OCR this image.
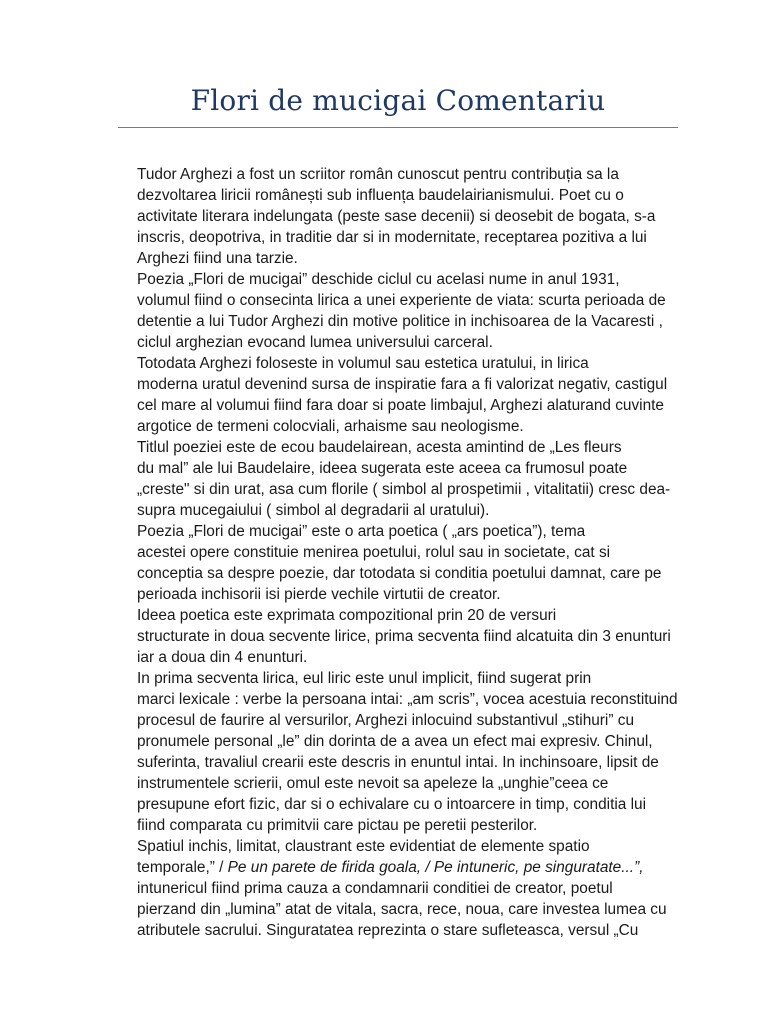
Flori de mucigai Comentariu

Tudor Arghezi a fost un scriitor român cunoscut pentru contribuția sa la
dezvoltarea liricii românești sub influența baudelairianismului. Poet cu o
activitate literara indelungata (peste sase decenii) si deosebit de bogata, s-a
inscris, deopotriva, in traditie dar si in modernitate, receptarea pozitiva a lui
Arghezi fiind una tarzie.

Poezia „Flori de mucigai” deschide ciclul cu acelasi nume in anul 1931,
volumul fiind o consecinta lirica a unei experiente de viata: scurta perioada de
detentie a lui Tudor Arghezi din motive politice in inchisoarea de la Vacaresti ,
ciclul arghezian evocand lumea universului carceral.

Totodata Arghezi foloseste in volumul sau estetica uratului, in lirica
moderna uratul devenind sursa de inspiratie fara a fi valorizat negativ, castigul
cel mare al volumui fiind fara doar si poate limbajul, Arghezi alaturand cuvinte
argotice de termeni colocviali, arhaisme sau neologisme.

Titlul poeziei este de ecou baudelairean, acesta amintind de „Les fleurs
du mal” ale lui Baudelaire, ideea sugerata este aceea ca frumosul poate
„creste" si din urat, asa cum florile ( simbol al prospetimii , vitalitatii) cresc dea-
supra mucegaiului ( simbol al degradarii al uratului).

Poezia „Flori de mucigai” este o arta poetica ( „ars poetica”), tema
acestei opere constituie menirea poetului, rolul sau in societate, cat si
conceptia sa despre poezie, dar totodata si conditia poetului damnat, care pe
perioada inchisorii isi pierde vechile virtutii de creator.

Ideea poetica este exprimata compozitional prin 20 de versuri
structurate in doua secvente lirice, prima secventa fiind alcatuita din 3 enunturi
iar a doua din 4 enunturi.

In prima secventa lirica, eul liric este unul implicit, fiind sugerat prin
marci lexicale : verbe la persoana intai: „am scris”, vocea acestuia reconstituind
procesul de faurire al versurilor, Arghezi inlocuind substantivul „stihuri” cu
pronumele personal „le” din dorinta de a avea un efect mai expresiv. Chinul,
suferinta, travaliul crearii este descris in enuntul intai. In inchinsoare, lipsit de
instrumentele scrierii, omul este nevoit sa apeleze la „unghie”ceea ce
presupune efort fizic, dar si o echivalare cu o intoarcere in timp, conditia lui
fiind comparata cu primitvii care pictau pe peretii pesterilor.

Spatiul inchis, limitat, claustrant este evidentiat de elemente spatio
temporale,” / Pe un parete de firida goala, / Pe intuneric, pe singuratate...”,
intunericul fiind prima cauza a condamnarii conditiei de creator, poetul
pierzand din „lumina” atat de vitala, sacra, rece, noua, care investea lumea cu
atributele sacrului. Singuratatea reprezinta o stare sufleteasca, versul „Cu
